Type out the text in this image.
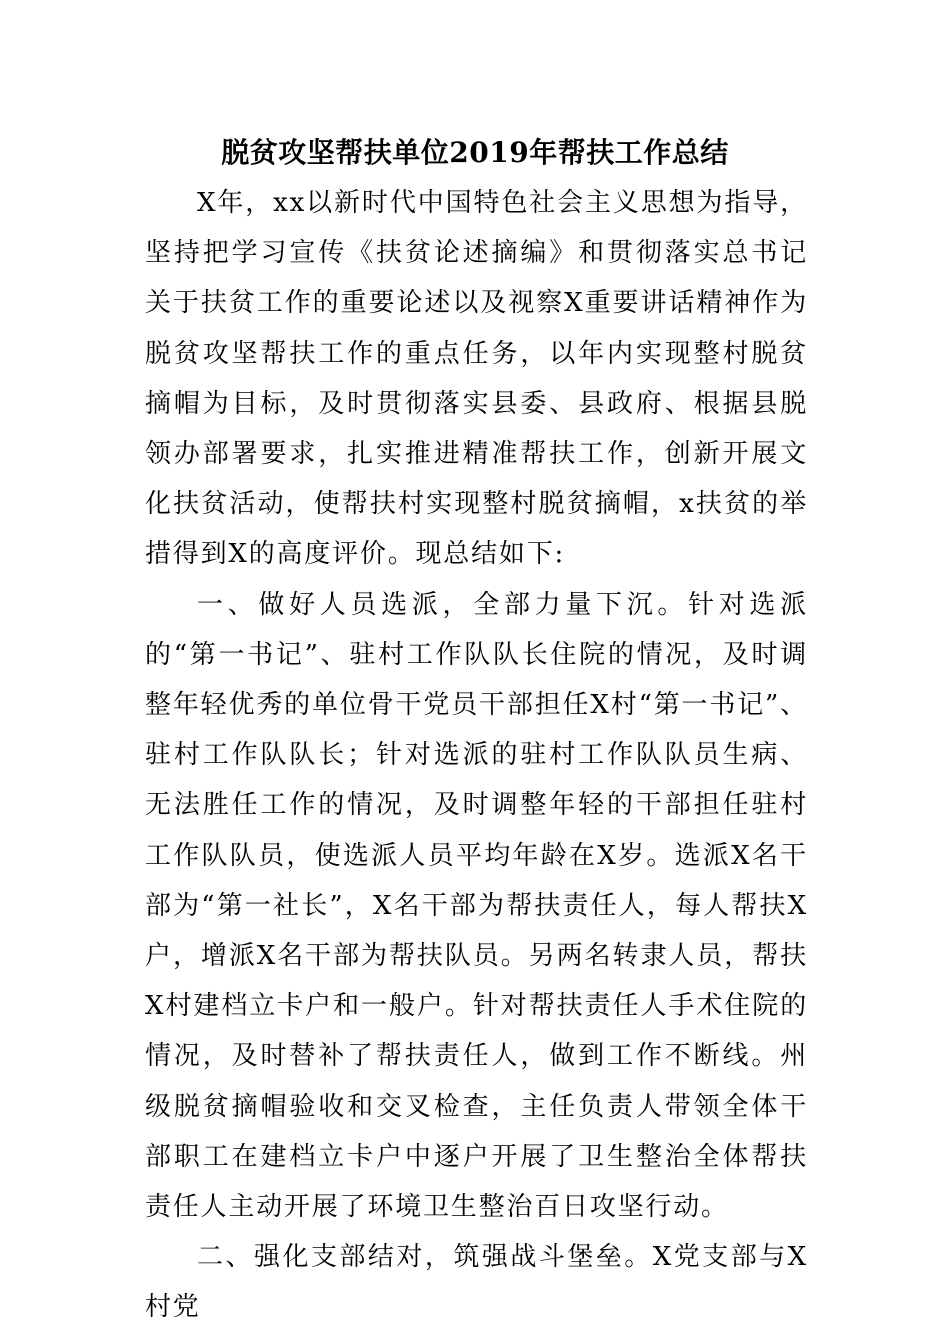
脱贫攻坚帮扶单位2019年帮扶工作总结

X年，xx以新时代中国特色社会主义思想为指导，坚持把学习宣传《扶贫论述摘编》和贯彻落实总书记关于扶贫工作的重要论述以及视察X重要讲话精神作为脱贫攻坚帮扶工作的重点任务，以年内实现整村脱贫摘帽为目标，及时贯彻落实县委、县政府、根据县脱领办部署要求，扎实推进精准帮扶工作，创新开展文化扶贫活动，使帮扶村实现整村脱贫摘帽，x扶贫的举措得到X的高度评价。现总结如下:

一、做好人员选派，全部力量下沉。针对选派的“第一书记”、驻村工作队队长住院的情况，及时调整年轻优秀的单位骨干党员干部担任X村“第一书记”、驻村工作队队长；针对选派的驻村工作队队员生病、无法胜任工作的情况，及时调整年轻的干部担任驻村工作队队员，使选派人员平均年龄在X岁。选派X名干部为“第一社长”，X名干部为帮扶责任人，每人帮扶X户，增派X名干部为帮扶队员。另两名转隶人员，帮扶X村建档立卡户和一般户。针对帮扶责任人手术住院的情况，及时替补了帮扶责任人，做到工作不断线。州级脱贫摘帽验收和交叉检查，主任负责人带领全体干部职工在建档立卡户中逐户开展了卫生整治全体帮扶责任人主动开展了环境卫生整治百日攻坚行动。

二、强化支部结对，筑强战斗堡垒。X党支部与X村党
